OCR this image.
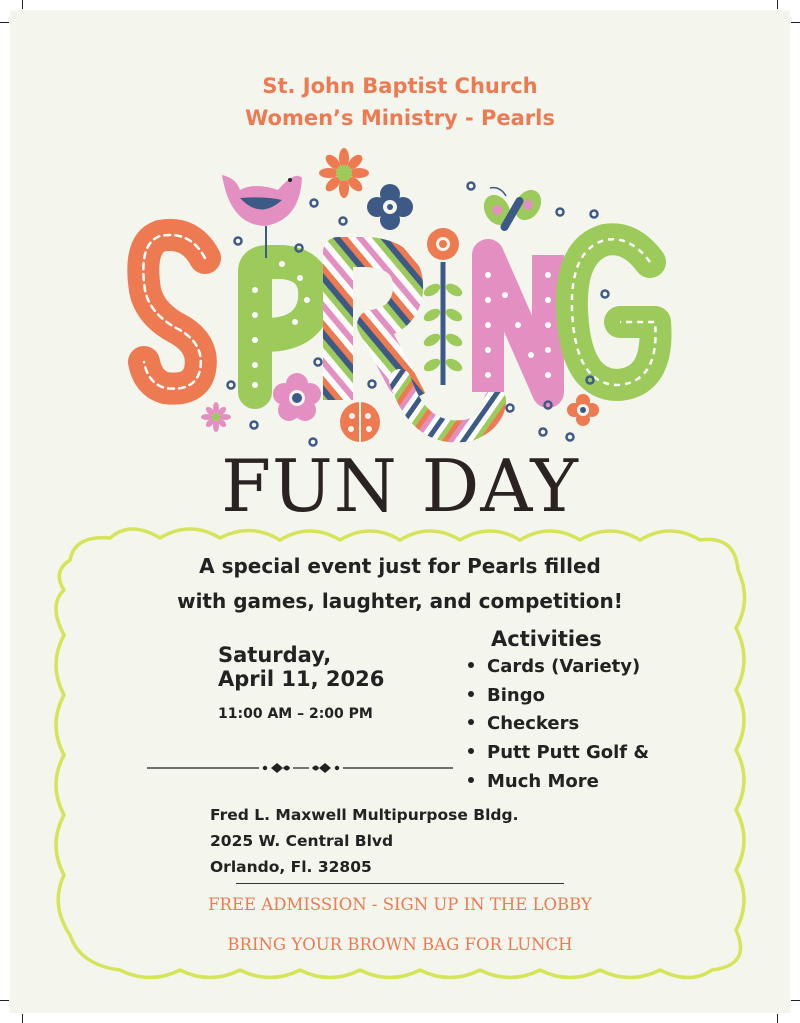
St. John Baptist Church
Women’s Ministry - Pearls
FUN DAY
A special event just for Pearls filled
with games, laughter, and competition!
Saturday,
April 11, 2026
11:00 AM – 2:00 PM
Activities
Cards (Variety)
Bingo
Checkers
Putt Putt Golf &
Much More
Fred L. Maxwell Multipurpose Bldg.
2025 W. Central Blvd
Orlando, Fl. 32805
FREE ADMISSION - SIGN UP IN THE LOBBY
BRING YOUR BROWN BAG FOR LUNCH
